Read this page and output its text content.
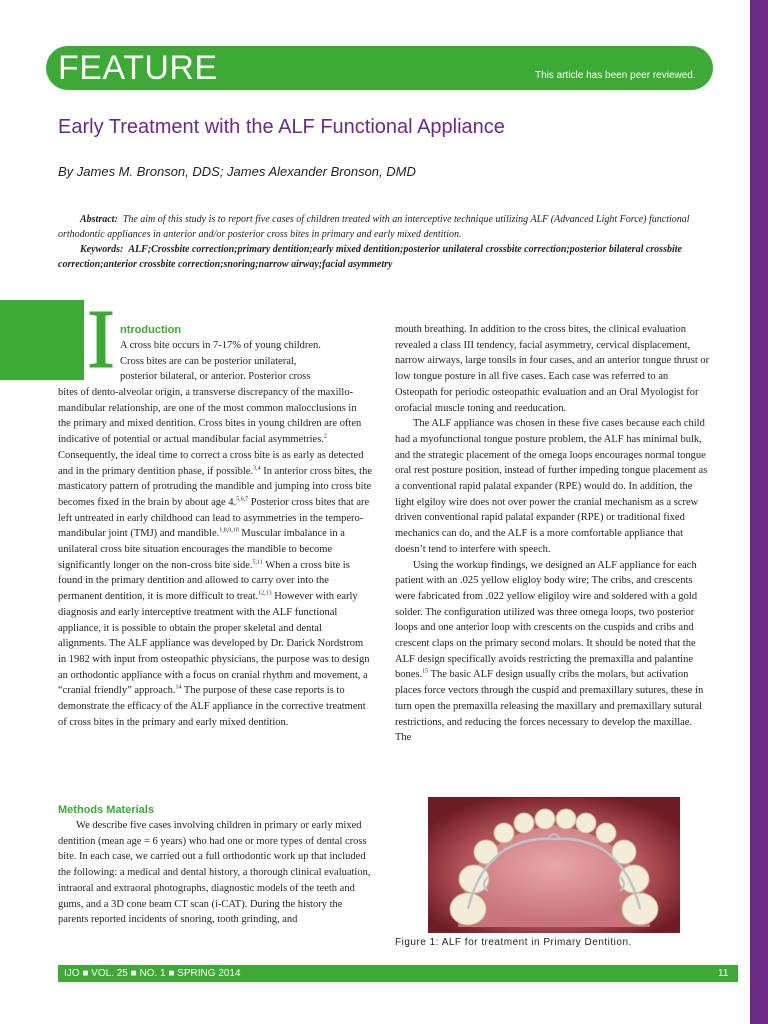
FEATURE	This article has been peer reviewed.
Early Treatment with the ALF Functional Appliance
By James M. Bronson, DDS; James Alexander Bronson, DMD

Abstract: The aim of this study is to report five cases of children treated with an interceptive technique utilizing ALF (Advanced Light Force) functional orthodontic appliances in anterior and/or posterior cross bites in primary and early mixed dentition.

Keywords: ALF;Crossbite correction;primary dentition;early mixed dentition;posterior unilateral crossbite correction;posterior bilateral crossbite correction;anterior crossbite correction;snoring;narrow airway;facial asymmetry

I ntroduction

A cross bite occurs in 7-17% of young children.

Cross bites are can be posterior unilateral,

posterior bilateral, or anterior. Posterior cross

bites of dento-alveolar origin, a transverse discrepancy of the maxillo-mandibular relationship, are one of the most common malocclusions in the primary and mixed dentition. Cross bites in young children are often indicative of potential or actual mandibular facial asymmetries.$^2$ Consequently, the ideal time to correct a cross bite is as early as detected and in the primary dentition phase, if possible.$^{3,4}$ In anterior cross bites, the masticatory pattern of protruding the mandible and jumping into cross bite becomes fixed in the brain by about age 4.$^{5,6,7}$ Posterior cross bites that are left untreated in early childhood can lead to asymmetries in the tempero-mandibular joint (TMJ) and mandible.$^{1,8,9,10}$ Muscular imbalance in a unilateral cross bite situation encourages the mandible to become significantly longer on the non-cross bite side.$^{5,11}$ When a cross bite is found in the primary dentition and allowed to carry over into the permanent dentition, it is more difficult to treat.$^{12,13}$ However with early diagnosis and early interceptive treatment with the ALF functional appliance, it is possible to obtain the proper skeletal and dental alignments. The ALF appliance was developed by Dr. Darick Nordstrom in 1982 with input from osteopathic physicians, the purpose was to design an orthodontic appliance with a focus on cranial rhythm and movement, a “cranial friendly” approach.$^{14}$ The purpose of these case reports is to demonstrate the efficacy of the ALF appliance in the corrective treatment of cross bites in the primary and early mixed dentition.

Methods Materials

We describe five cases involving children in primary or early mixed dentition (mean age = 6 years) who had one or more types of dental cross bite. In each case, we carried out a full orthodontic work up that included the following: a medical and dental history, a thorough clinical evaluation, intraoral and extraoral photographs, diagnostic models of the teeth and gums, and a 3D cone beam CT scan (i-CAT). During the history the parents reported incidents of snoring, tooth grinding, and

mouth breathing. In addition to the cross bites, the clinical evaluation revealed a class III tendency, facial asymmetry, cervical displacement, narrow airways, large tonsils in four cases, and an anterior tongue thrust or low tongue posture in all five cases. Each case was referred to an Osteopath for periodic osteopathic evaluation and an Oral Myologist for orofacial muscle toning and reeducation.

The ALF appliance was chosen in these five cases because each child had a myofunctional tongue posture problem, the ALF has minimal bulk, and the strategic placement of the omega loops encourages normal tongue oral rest posture position, instead of further impeding tongue placement as a conventional rapid palatal expander (RPE) would do. In addition, the light elgiloy wire does not over power the cranial mechanism as a screw driven conventional rapid palatal expander (RPE) or traditional fixed mechanics can do, and the ALF is a more comfortable appliance that doesn’t tend to interfere with speech.

Using the workup findings, we designed an ALF appliance for each patient with an .025 yellow eligloy body wire; The cribs, and crescents were fabricated from .022 yellow eligiloy wire and soldered with a gold solder. The configuration utilized was three omega loops, two posterior loops and one anterior loop with crescents on the cuspids and cribs and crescent claps on the primary second molars. It should be noted that the ALF design specifically avoids restricting the premaxilla and palantine bones.$^{15}$ The basic ALF design usually cribs the molars, but activation places force vectors through the cuspid and premaxillary sutures, these in turn open the premaxilla releasing the maxillary and premaxillary sutural restrictions, and reducing the forces necessary to develop the maxillae. The

Figure 1: ALF for treatment in Primary Dentition.
IJO ■ VOL. 25 ■ NO. 1 ■ SPRING 2014	11
